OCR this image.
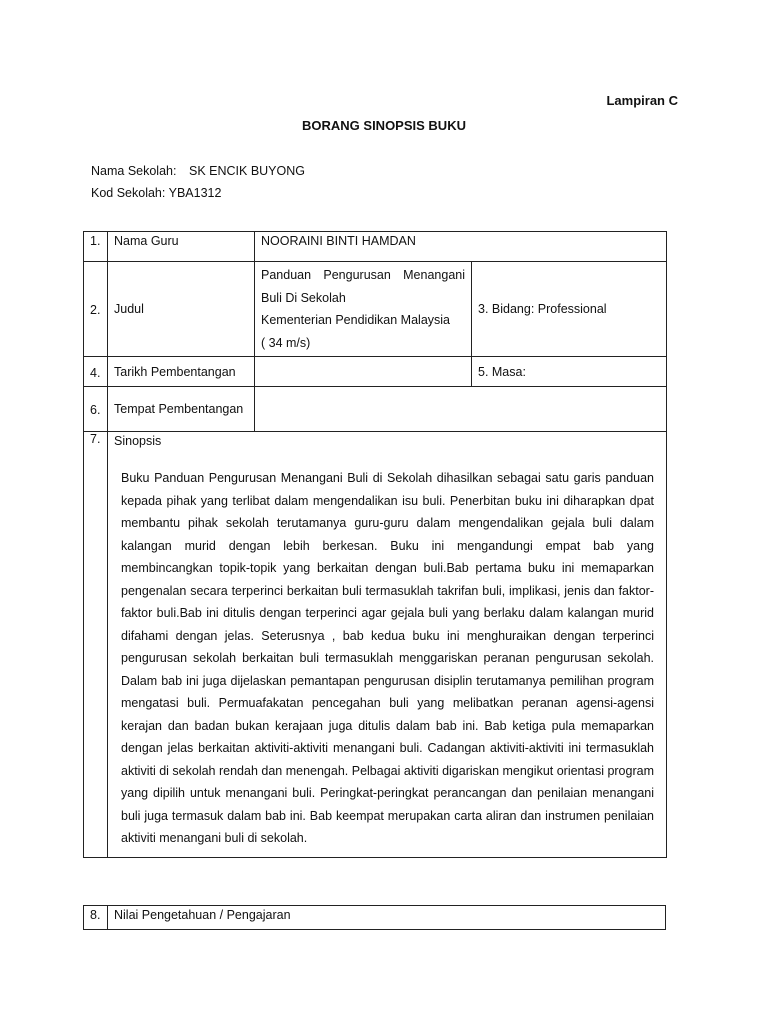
Lampiran C
BORANG SINOPSIS BUKU
Nama Sekolah: SK ENCIK BUYONG
Kod Sekolah: YBA1312
1.	Nama Guru	NOORAINI BINTI HAMDAN	
2.	Judul	Panduan Pengurusan Menangani
Buli Di Sekolah
Kementerian Pendidikan Malaysia
( 34 m/s)	3. Bidang: Professional
4.	Tarikh Pembentangan		5. Masa:
6.	Tempat Pembentangan		
7.	Sinopsis
Buku Panduan Pengurusan Menangani Buli di Sekolah dihasilkan sebagai satu garis panduan kepada pihak yang terlibat dalam mengendalikan isu buli. Penerbitan buku ini diharapkan dpat membantu pihak sekolah terutamanya guru-guru dalam mengendalikan gejala buli dalam kalangan murid dengan lebih berkesan. Buku ini mengandungi empat bab yang membincangkan topik-topik yang berkaitan dengan buli.Bab pertama buku ini memaparkan pengenalan secara terperinci berkaitan buli termasuklah takrifan buli, implikasi, jenis dan faktor-faktor buli.Bab ini ditulis dengan terperinci agar gejala buli yang berlaku dalam kalangan murid difahami dengan jelas. Seterusnya , bab kedua buku ini menghuraikan dengan terperinci pengurusan sekolah berkaitan buli termasuklah menggariskan peranan pengurusan sekolah. Dalam bab ini juga dijelaskan pemantapan pengurusan disiplin terutamanya pemilihan program mengatasi buli. Permuafakatan pencegahan buli yang melibatkan peranan agensi-agensi kerajan dan badan bukan kerajaan juga ditulis dalam bab ini. Bab ketiga pula memaparkan dengan jelas berkaitan aktiviti-aktiviti menangani buli. Cadangan aktiviti-aktiviti ini termasuklah aktiviti di sekolah rendah dan menengah. Pelbagai aktiviti digariskan mengikut orientasi program yang dipilih untuk menangani buli. Peringkat-peringkat perancangan dan penilaian menangani buli juga termasuk dalam bab ini. Bab keempat merupakan carta aliran dan instrumen penilaian aktiviti menangani buli di sekolah.		
8.	Nilai Pengetahuan / Pengajaran
